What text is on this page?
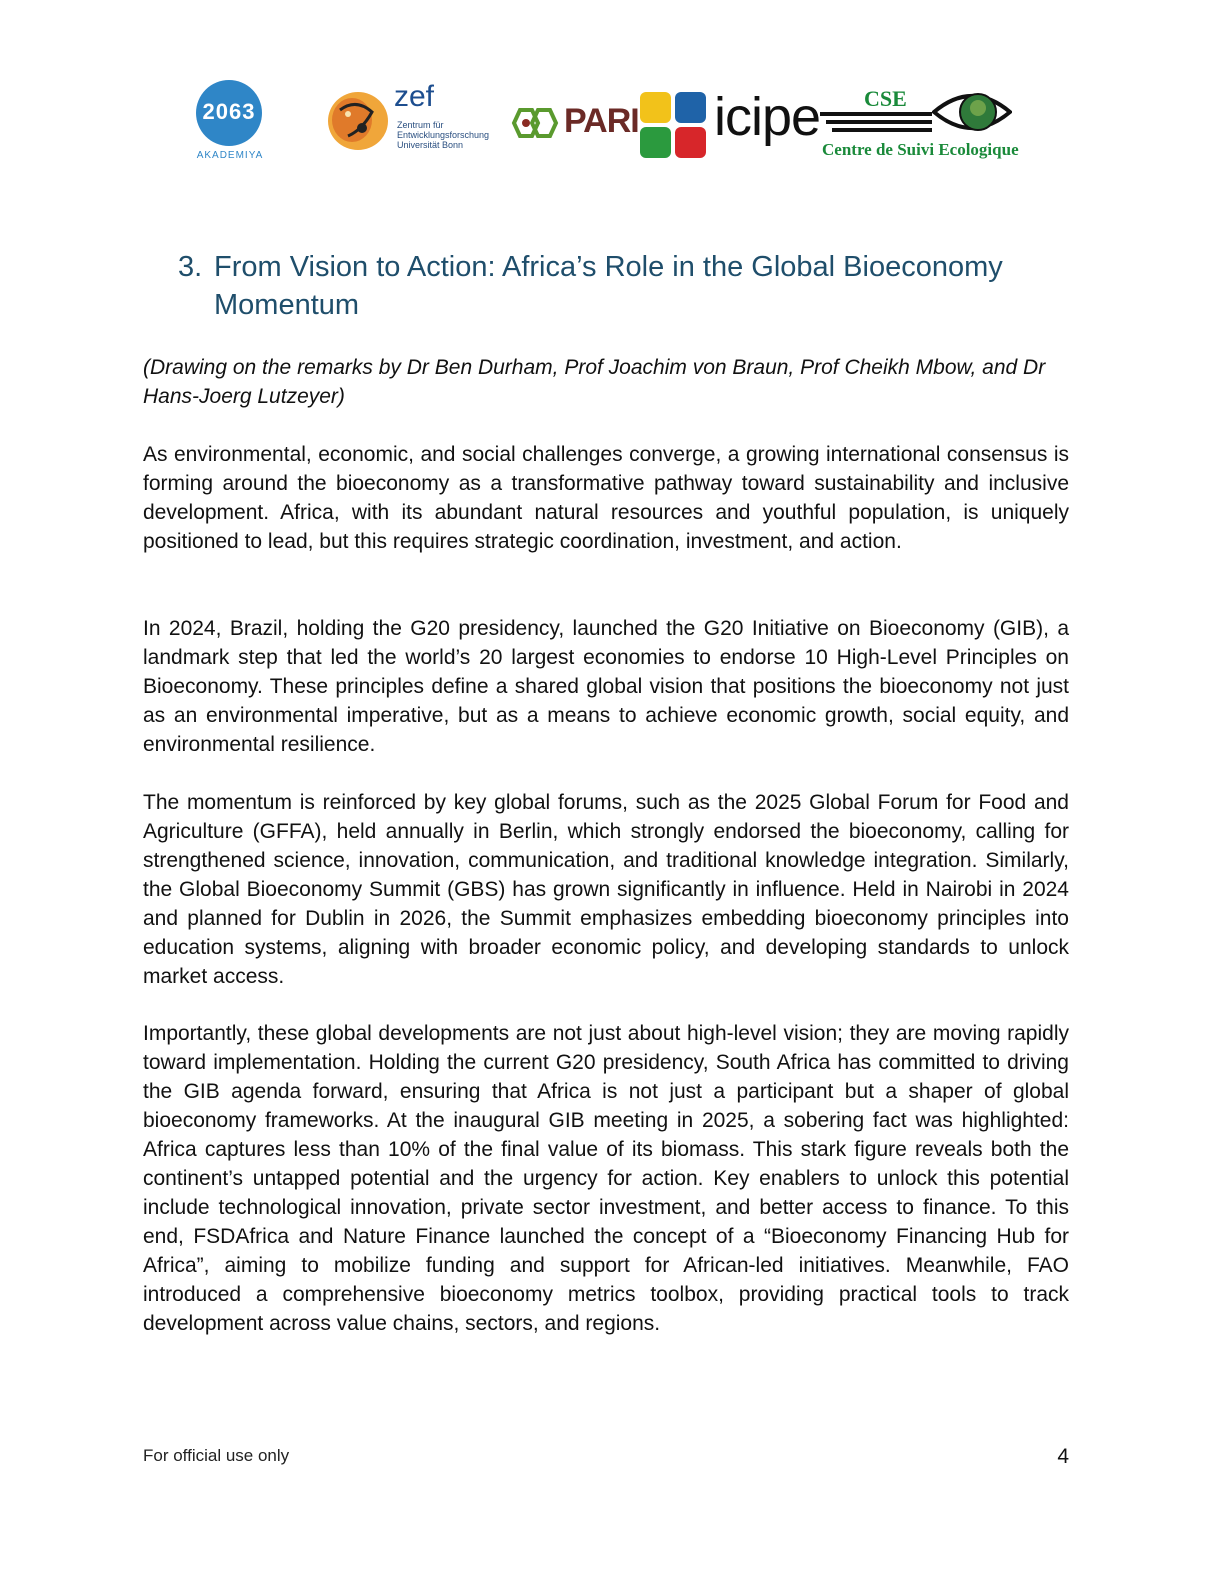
2063
AKADEMIYA
zef
Zentrum für Entwicklungsforschung Universität Bonn
PARI icipe CSE
Centre de Suivi Ecologique
3. From Vision to Action: Africa’s Role in the Global Bioeconomy Momentum
(Drawing on the remarks by Dr Ben Durham, Prof Joachim von Braun, Prof Cheikh Mbow, and Dr Hans-Joerg Lutzeyer)
As environmental, economic, and social challenges converge, a growing international consensus is forming around the bioeconomy as a transformative pathway toward sustainability and inclusive development. Africa, with its abundant natural resources and youthful population, is uniquely positioned to lead, but this requires strategic coordination, investment, and action.
In 2024, Brazil, holding the G20 presidency, launched the G20 Initiative on Bioeconomy (GIB), a landmark step that led the world’s 20 largest economies to endorse 10 High-Level Principles on Bioeconomy. These principles define a shared global vision that positions the bioeconomy not just as an environmental imperative, but as a means to achieve economic growth, social equity, and environmental resilience.
The momentum is reinforced by key global forums, such as the 2025 Global Forum for Food and Agriculture (GFFA), held annually in Berlin, which strongly endorsed the bioeconomy, calling for strengthened science, innovation, communication, and traditional knowledge integration. Similarly, the Global Bioeconomy Summit (GBS) has grown significantly in influence. Held in Nairobi in 2024 and planned for Dublin in 2026, the Summit emphasizes embedding bioeconomy principles into education systems, aligning with broader economic policy, and developing standards to unlock market access.
Importantly, these global developments are not just about high-level vision; they are moving rapidly toward implementation. Holding the current G20 presidency, South Africa has committed to driving the GIB agenda forward, ensuring that Africa is not just a participant but a shaper of global bioeconomy frameworks. At the inaugural GIB meeting in 2025, a sobering fact was highlighted: Africa captures less than 10% of the final value of its biomass. This stark figure reveals both the continent’s untapped potential and the urgency for action. Key enablers to unlock this potential include technological innovation, private sector investment, and better access to finance. To this end, FSDAfrica and Nature Finance launched the concept of a “Bioeconomy Financing Hub for Africa”, aiming to mobilize funding and support for African-led initiatives. Meanwhile, FAO introduced a comprehensive bioeconomy metrics toolbox, providing practical tools to track development across value chains, sectors, and regions.
For official use only	4
